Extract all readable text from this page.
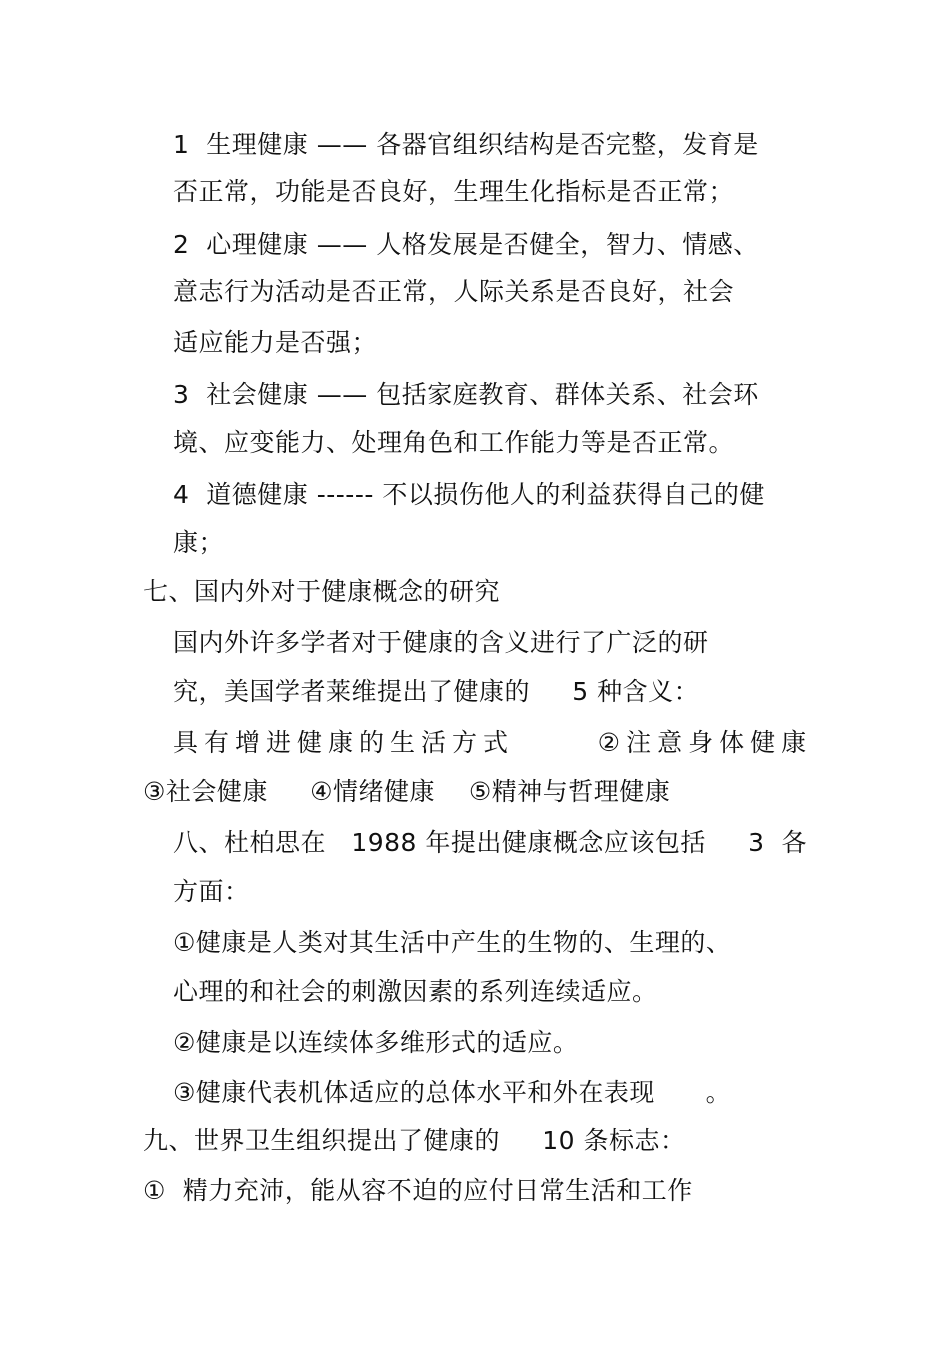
1  生理健康 —— 各器官组织结构是否完整，发育是
否正常，功能是否良好，生理生化指标是否正常；
2  心理健康 —— 人格发展是否健全，智力、情感、
意志行为活动是否正常，人际关系是否良好，社会
适应能力是否强；
3  社会健康 —— 包括家庭教育、群体关系、社会环
境、应变能力、处理角色和工作能力等是否正常。
4  道德健康 ------ 不以损伤他人的利益获得自己的健
康；
七、国内外对于健康概念的研究
国内外许多学者对于健康的含义进行了广泛的研
究，美国学者莱维提出了健康的     5 种含义：
具有增进健康的生活方式      ②注意身体健康
③社会健康     ④情绪健康    ⑤精神与哲理健康
八、杜柏思在   1988 年提出健康概念应该包括     3  各
方面：
①健康是人类对其生活中产生的生物的、生理的、
心理的和社会的刺激因素的系列连续适应。
②健康是以连续体多维形式的适应。
③健康代表机体适应的总体水平和外在表现      。
九、世界卫生组织提出了健康的     10 条标志：
①  精力充沛，能从容不迫的应付日常生活和工作
